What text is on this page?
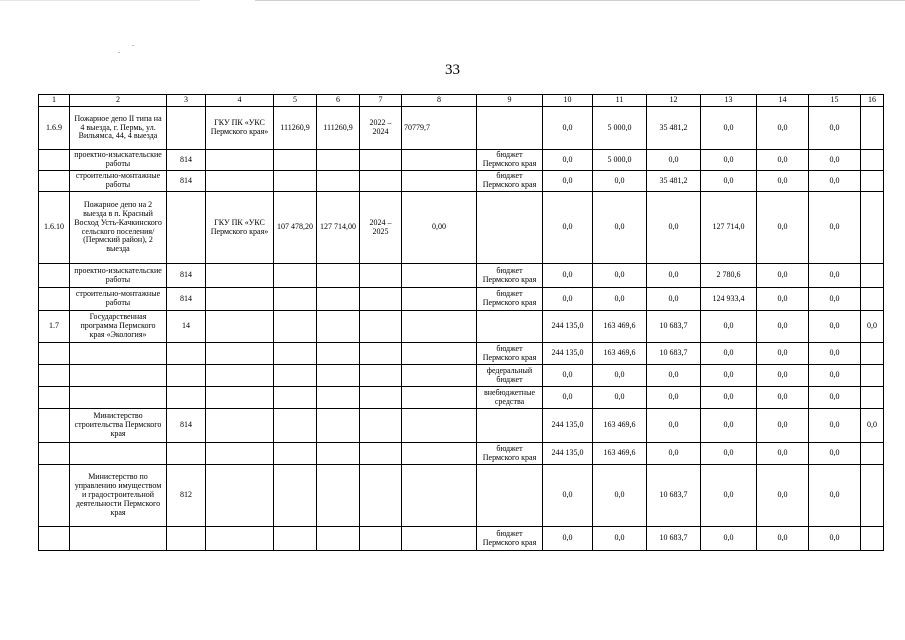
33
1	2	3	4	5	6	7	8	9	10	11	12	13	14	15	16
1.6.9	Пожарное депо II типа на 4 выезда, г. Пермь, ул. Вильямса, 44, 4 выезда		ГКУ ПК «УКС Пермского края»	111260,9	111260,9	2022 – 2024	70779,7		0,0	5 000,0	35 481,2	0,0	0,0	0,0	
	проектно-изыскательские работы	814						бюджет Пермского края	0,0	5 000,0	0,0	0,0	0,0	0,0	
	строительно-монтажные работы	814						бюджет Пермского края	0,0	0,0	35 481,2	0,0	0,0	0,0	
1.6.10	Пожарное депо на 2 выезда в п. Красный Восход Усть-Качкинского сельского поселения/ (Пермский район), 2 выезда		ГКУ ПК «УКС Пермского края»	107 478,20	127 714,00	2024 – 2025	0,00		0,0	0,0	0,0	127 714,0	0,0	0,0	
	проектно-изыскательские работы	814						бюджет Пермского края	0,0	0,0	0,0	2 780,6	0,0	0,0	
	строительно-монтажные работы	814						бюджет Пермского края	0,0	0,0	0,0	124 933,4	0,0	0,0	
1.7	Государственная программа Пермского края «Экология»	14							244 135,0	163 469,6	10 683,7	0,0	0,0	0,0	0,0
								бюджет Пермского края	244 135,0	163 469,6	10 683,7	0,0	0,0	0,0	
								федеральный бюджет	0,0	0,0	0,0	0,0	0,0	0,0	
								внебюджетные средства	0,0	0,0	0,0	0,0	0,0	0,0	
	Министерство строительства Пермского края	814							244 135,0	163 469,6	0,0	0,0	0,0	0,0	0,0
								бюджет Пермского края	244 135,0	163 469,6	0,0	0,0	0,0	0,0	
	Министерство по управлению имуществом и градостроительной деятельности Пермского края	812							0,0	0,0	10 683,7	0,0	0,0	0,0	
								бюджет Пермского края	0,0	0,0	10 683,7	0,0	0,0	0,0	
